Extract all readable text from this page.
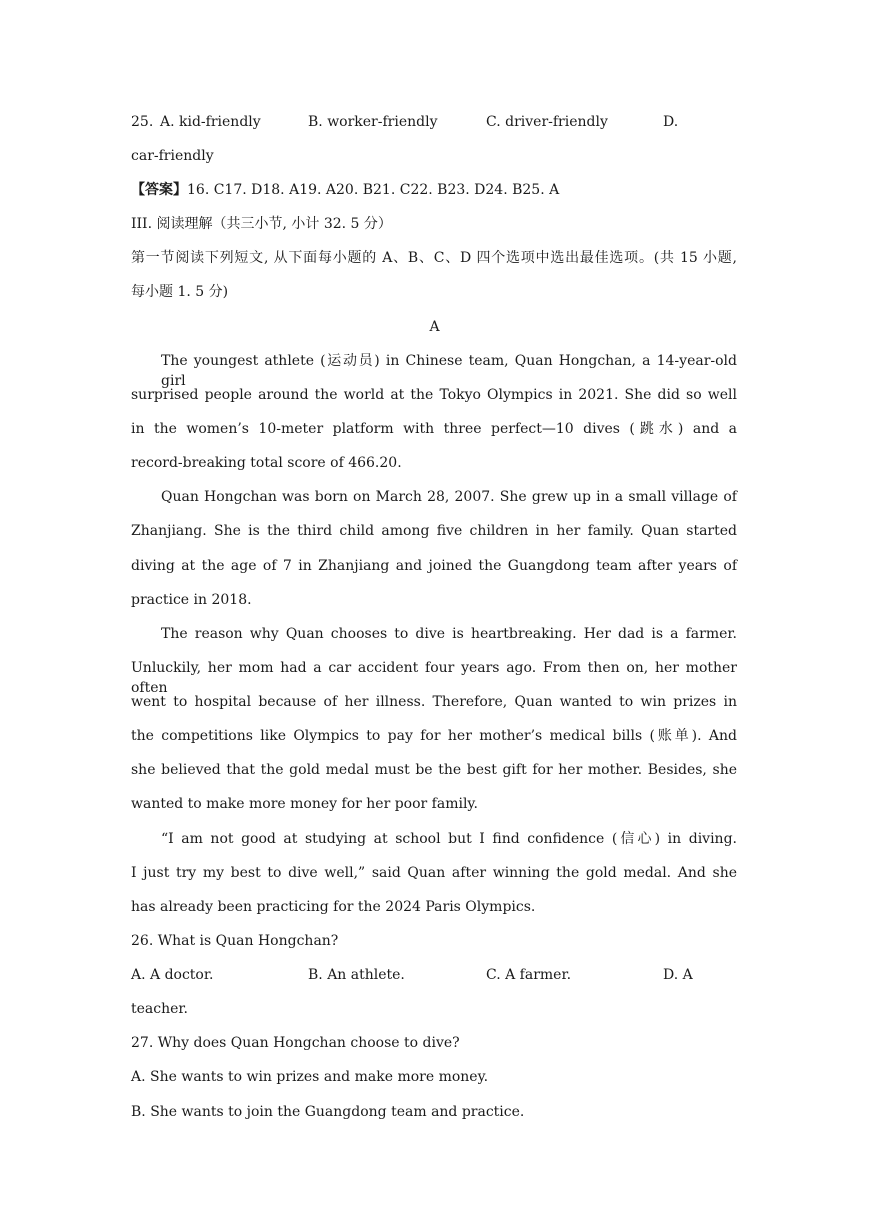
25. A. kid-friendly	B. worker-friendly	C. driver-friendly	D.
car-friendly
【答案】16. C17. D18. A19. A20. B21. C22. B23. D24. B25. A
III. 阅读理解（共三小节, 小计 32. 5 分）
第一节阅读下列短文, 从下面每小题的 A、B、C、D 四个选项中选出最佳选项。(共 15 小题,
每小题 1. 5 分)
A
The youngest athlete (运动员) in Chinese team, Quan Hongchan, a 14-year-old girl
surprised people around the world at the Tokyo Olympics in 2021. She did so well
in the women’s 10-meter platform with three perfect—10 dives (跳水) and a
record-breaking total score of 466.20.
Quan Hongchan was born on March 28, 2007. She grew up in a small village of
Zhanjiang. She is the third child among five children in her family. Quan started
diving at the age of 7 in Zhanjiang and joined the Guangdong team after years of
practice in 2018.
The reason why Quan chooses to dive is heartbreaking. Her dad is a farmer.
Unluckily, her mom had a car accident four years ago. From then on, her mother often
went to hospital because of her illness. Therefore, Quan wanted to win prizes in
the competitions like Olympics to pay for her mother’s medical bills (账单). And
she believed that the gold medal must be the best gift for her mother. Besides, she
wanted to make more money for her poor family.
“I am not good at studying at school but I find confidence (信心) in diving.
I just try my best to dive well,” said Quan after winning the gold medal. And she
has already been practicing for the 2024 Paris Olympics.
26. What is Quan Hongchan?
A. A doctor.	B. An athlete.	C. A farmer.	D. A
teacher.
27. Why does Quan Hongchan choose to dive?
A. She wants to win prizes and make more money.
B. She wants to join the Guangdong team and practice.
